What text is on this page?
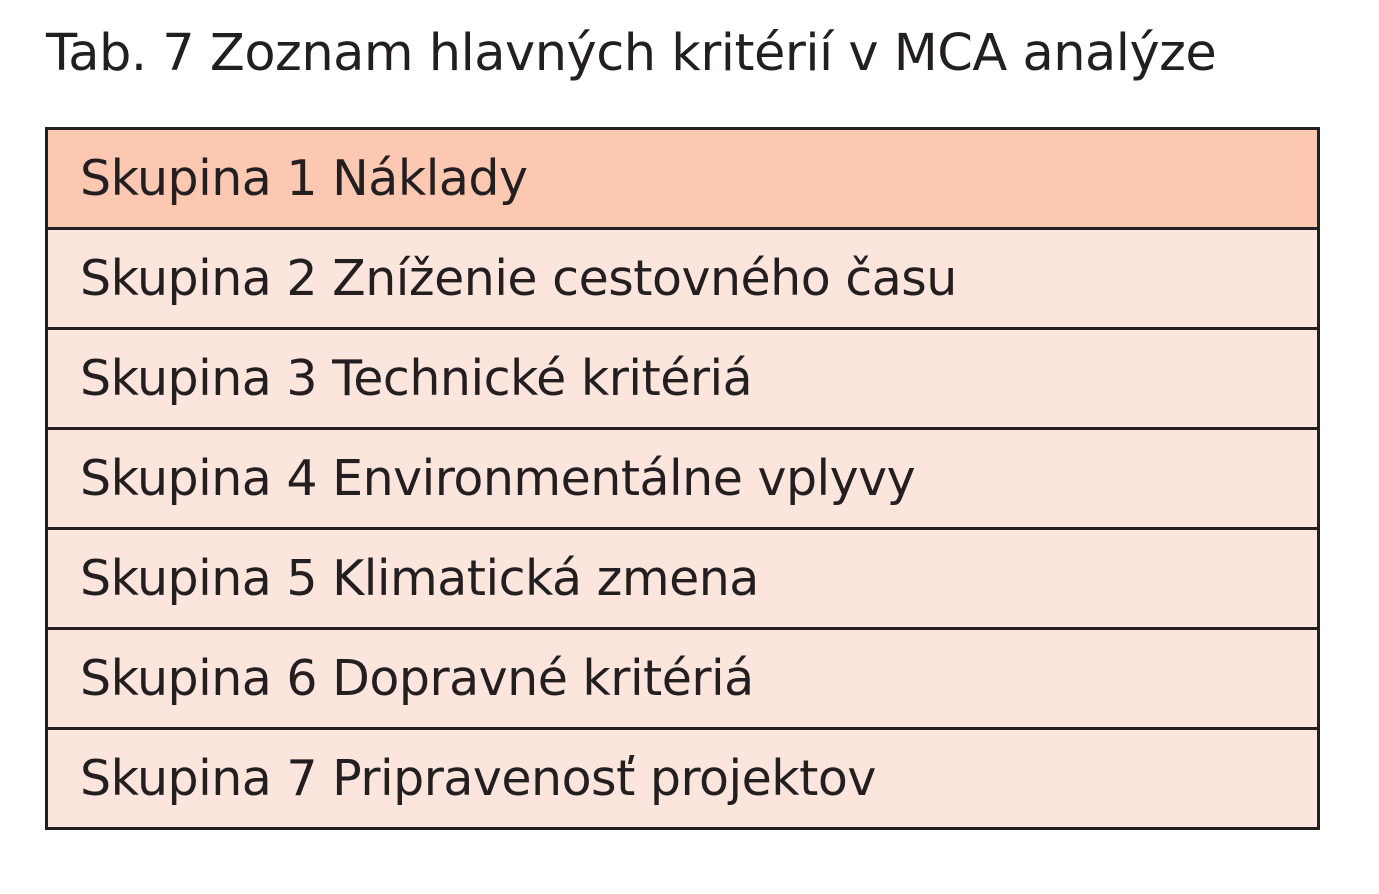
Tab. 7 Zoznam hlavných kritérií v MCA analýze
Skupina 1 Náklady
Skupina 2 Zníženie cestovného času
Skupina 3 Technické kritériá
Skupina 4 Environmentálne vplyvy
Skupina 5 Klimatická zmena
Skupina 6 Dopravné kritériá
Skupina 7 Pripravenosť projektov
